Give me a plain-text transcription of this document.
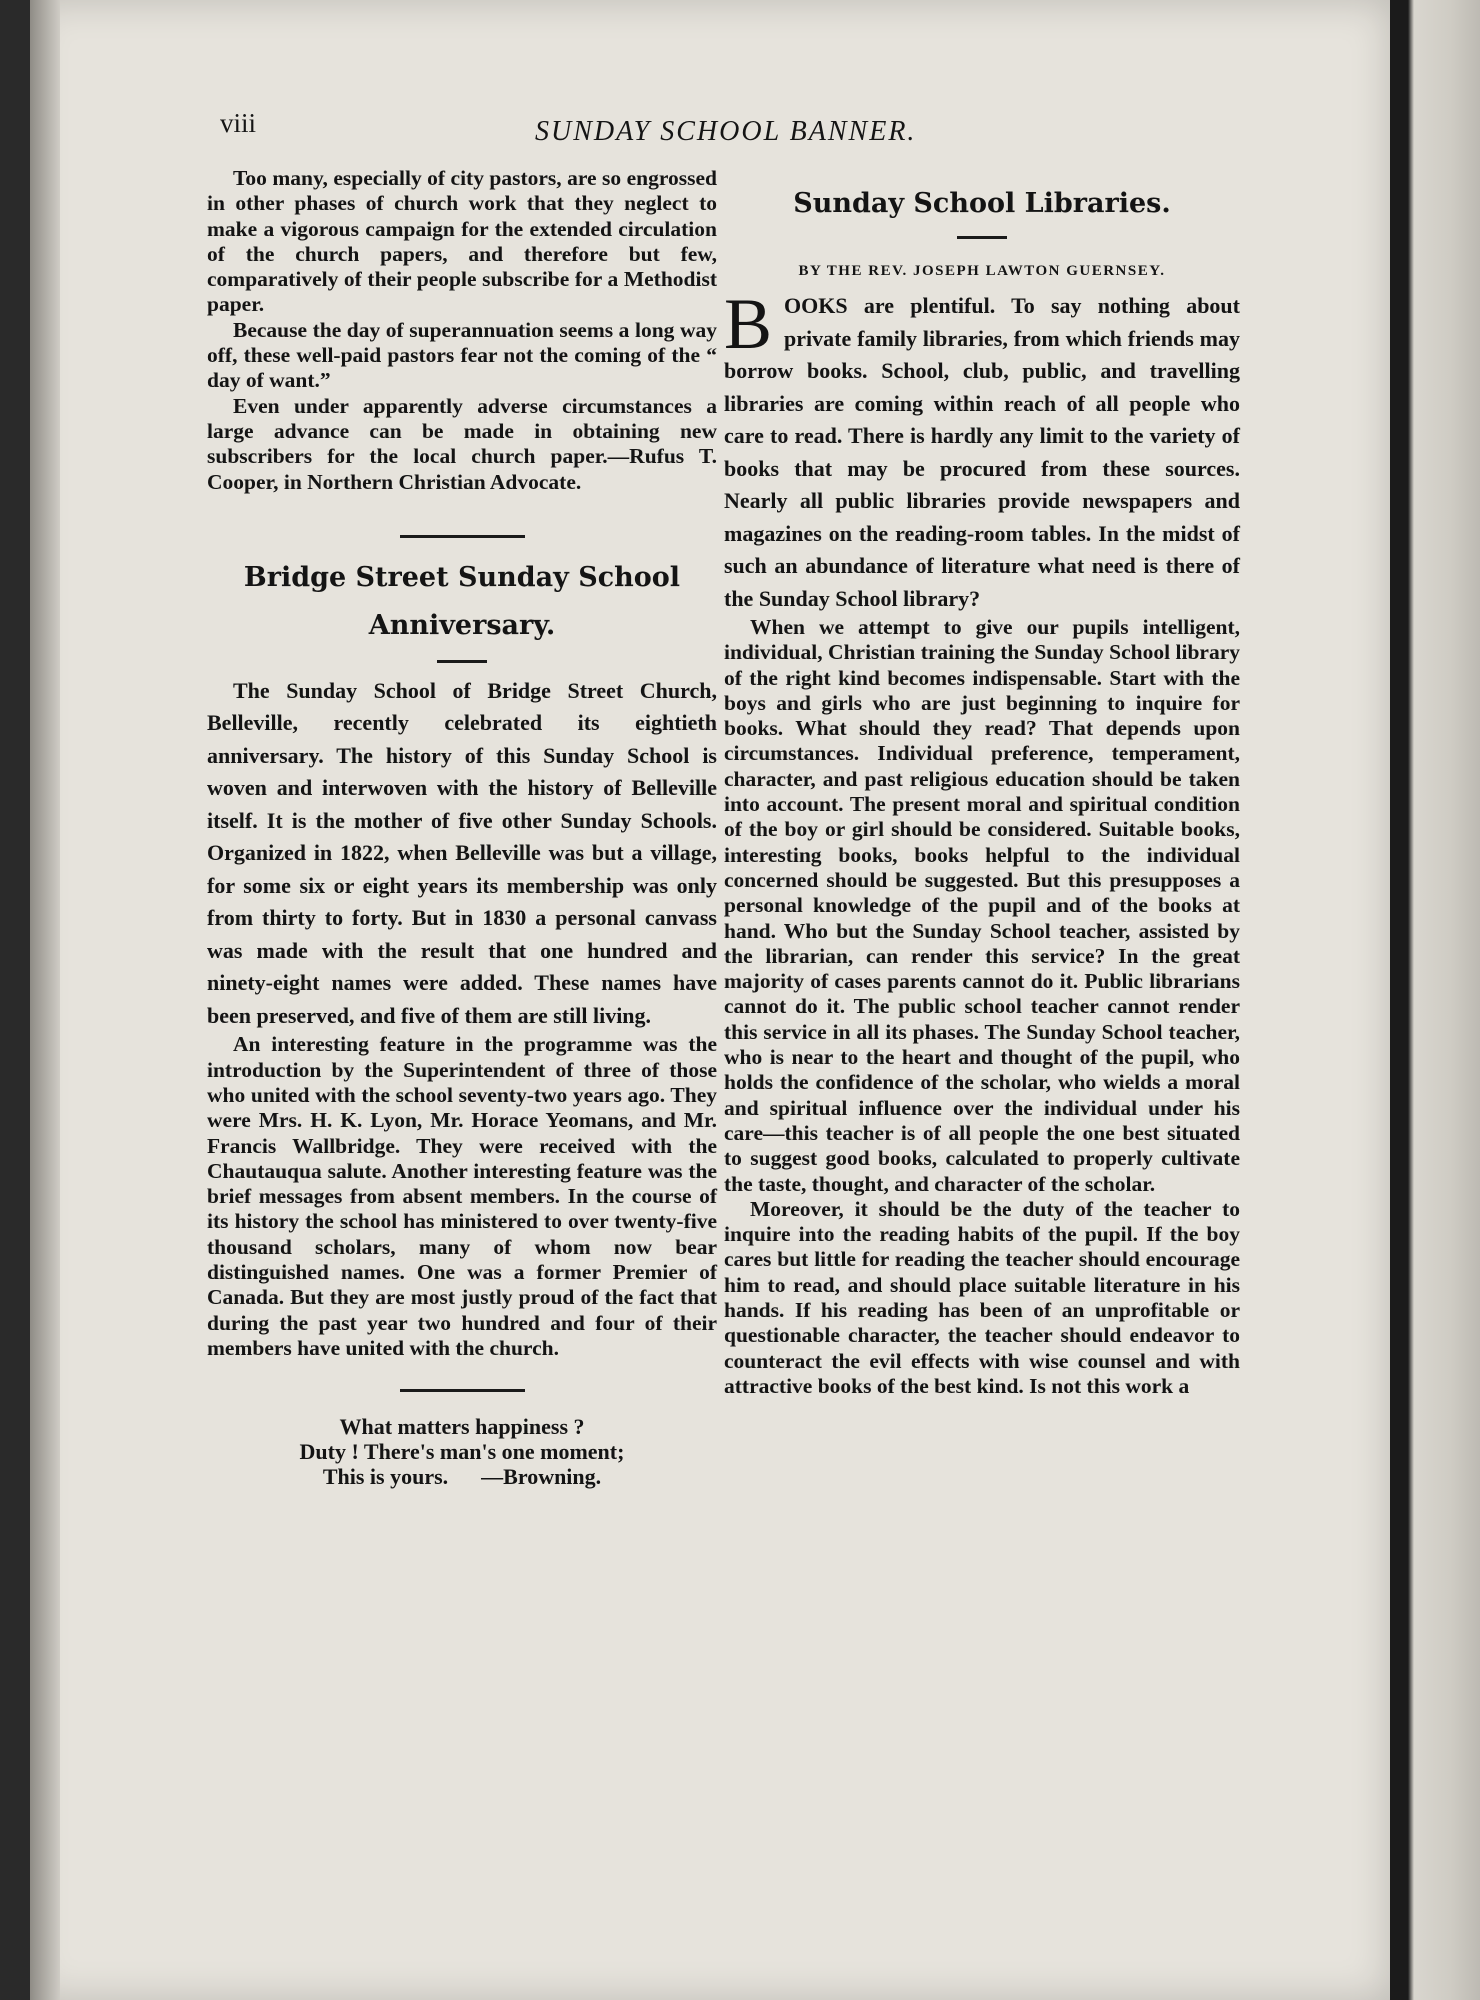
viii	SUNDAY SCHOOL BANNER.

Too many, especially of city pastors, are so engrossed in other phases of church work that they neglect to make a vigorous campaign for the extended circulation of the church papers, and therefore but few, comparatively of their people subscribe for a Methodist paper.

Because the day of superannuation seems a long way off, these well-paid pastors fear not the coming of the “ day of want.”

Even under apparently adverse circumstances a large advance can be made in obtaining new subscribers for the local church paper.—Rufus T. Cooper, in Northern Christian Advocate.

Bridge Street Sunday School
Anniversary.

The Sunday School of Bridge Street Church, Belleville, recently celebrated its eightieth anniversary. The history of this Sunday School is woven and interwoven with the history of Belleville itself. It is the mother of five other Sunday Schools. Organized in 1822, when Belleville was but a village, for some six or eight years its membership was only from thirty to forty. But in 1830 a personal canvass was made with the result that one hundred and ninety-eight names were added. These names have been preserved, and five of them are still living.

An interesting feature in the programme was the introduction by the Superintendent of three of those who united with the school seventy-two years ago. They were Mrs. H. K. Lyon, Mr. Horace Yeomans, and Mr. Francis Wallbridge. They were received with the Chautauqua salute. Another interesting feature was the brief messages from absent members. In the course of its history the school has ministered to over twenty-five thousand scholars, many of whom now bear distinguished names. One was a former Premier of Canada. But they are most justly proud of the fact that during the past year two hundred and four of their members have united with the church.

What matters happiness ?
Duty ! There's man's one moment;
This is yours.      —Browning.
Sunday School Libraries.
BY THE REV. JOSEPH LAWTON GUERNSEY.

BOOKS are plentiful. To say nothing about private family libraries, from which friends may borrow books. School, club, public, and travelling libraries are coming within reach of all people who care to read. There is hardly any limit to the variety of books that may be procured from these sources. Nearly all public libraries provide newspapers and magazines on the reading-room tables. In the midst of such an abundance of literature what need is there of the Sunday School library?

When we attempt to give our pupils intelligent, individual, Christian training the Sunday School library of the right kind becomes indispensable. Start with the boys and girls who are just beginning to inquire for books. What should they read? That depends upon circumstances. Individual preference, temperament, character, and past religious education should be taken into account. The present moral and spiritual condition of the boy or girl should be considered. Suitable books, interesting books, books helpful to the individual concerned should be suggested. But this presupposes a personal knowledge of the pupil and of the books at hand. Who but the Sunday School teacher, assisted by the librarian, can render this service? In the great majority of cases parents cannot do it. Public librarians cannot do it. The public school teacher cannot render this service in all its phases. The Sunday School teacher, who is near to the heart and thought of the pupil, who holds the confidence of the scholar, who wields a moral and spiritual influence over the individual under his care—this teacher is of all people the one best situated to suggest good books, calculated to properly cultivate the taste, thought, and character of the scholar.

Moreover, it should be the duty of the teacher to inquire into the reading habits of the pupil. If the boy cares but little for reading the teacher should encourage him to read, and should place suitable literature in his hands. If his reading has been of an unprofitable or questionable character, the teacher should endeavor to counteract the evil effects with wise counsel and with attractive books of the best kind. Is not this work a
